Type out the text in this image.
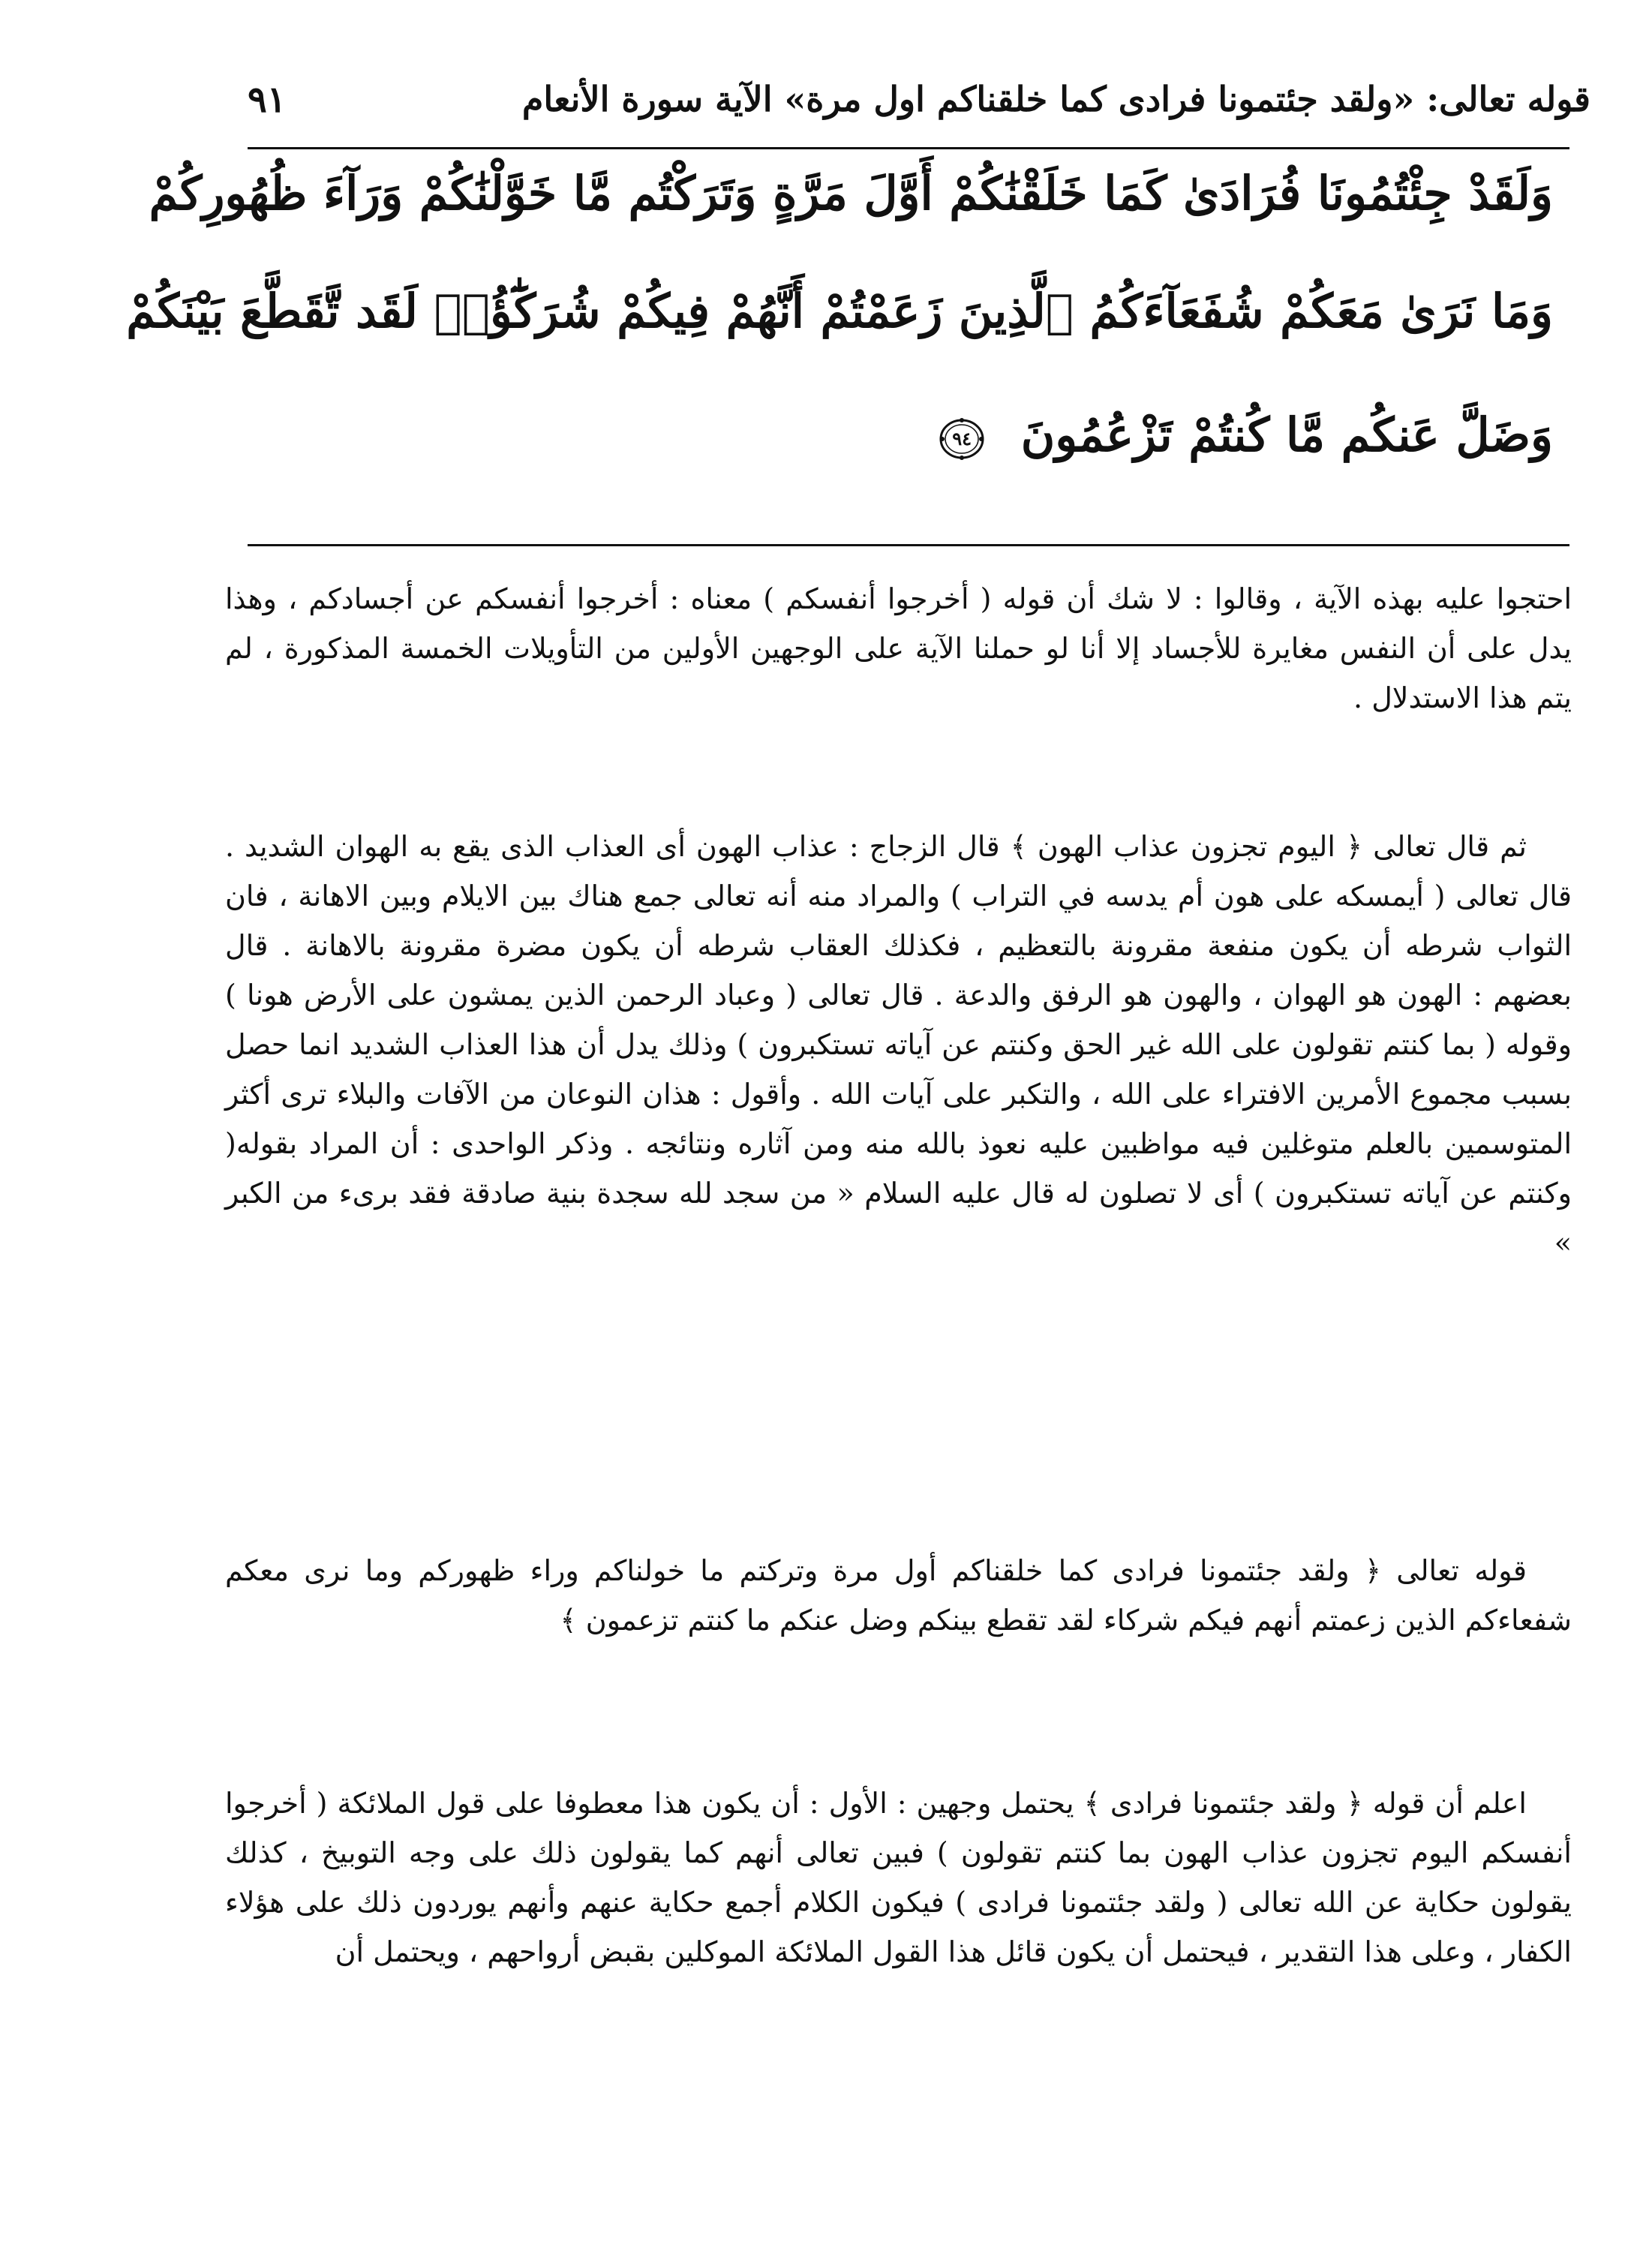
قوله تعالى: «ولقد جئتمونا فرادى كما خلقناكم اول مرة» الآية سورة الأنعام
٩١
وَلَقَدْ جِئْتُمُونَا فُرَادَىٰ كَمَا خَلَقْنَٰكُمْ أَوَّلَ مَرَّةٍ وَتَرَكْتُم مَّا خَوَّلْنَٰكُمْ وَرَآءَ ظُهُورِكُمْ
وَمَا نَرَىٰ مَعَكُمْ شُفَعَآءَكُمُ ٱلَّذِينَ زَعَمْتُمْ أَنَّهُمْ فِيكُمْ شُرَكَٰٓؤُا۟ لَقَد تَّقَطَّعَ بَيْنَكُمْ
وَضَلَّ عَنكُم مَّا كُنتُمْ تَزْعُمُونَ
٩٤
احتجوا عليه بهذه الآية ، وقالوا : لا شك أن قوله ( أخرجوا أنفسكم ) معناه : أخرجوا أنفسكم عن أجسادكم ، وهذا يدل على أن النفس مغايرة للأجساد إلا أنا لو حملنا الآية على الوجهين الأولين من التأويلات الخمسة المذكورة ، لم يتم هذا الاستدلال .
ثم قال تعالى ﴿ اليوم تجزون عذاب الهون ﴾ قال الزجاج : عذاب الهون أى العذاب الذى يقع به الهوان الشديد . قال تعالى ( أيمسكه على هون أم يدسه في التراب ) والمراد منه أنه تعالى جمع هناك بين الايلام وبين الاهانة ، فان الثواب شرطه أن يكون منفعة مقرونة بالتعظيم ، فكذلك العقاب شرطه أن يكون مضرة مقرونة بالاهانة . قال بعضهم : الهون هو الهوان ، والهون هو الرفق والدعة . قال تعالى ( وعباد الرحمن الذين يمشون على الأرض هونا ) وقوله ( بما كنتم تقولون على الله غير الحق وكنتم عن آياته تستكبرون ) وذلك يدل أن هذا العذاب الشديد انما حصل بسبب مجموع الأمرين الافتراء على الله ، والتكبر على آيات الله . وأقول : هذان النوعان من الآفات والبلاء ترى أكثر المتوسمين بالعلم متوغلين فيه مواظبين عليه نعوذ بالله منه ومن آثاره ونتائجه . وذكر الواحدى : أن المراد بقوله( وكنتم عن آياته تستكبرون ) أى لا تصلون له قال عليه السلام « من سجد لله سجدة بنية صادقة فقد برىء من الكبر »
قوله تعالى ﴿ ولقد جئتمونا فرادى كما خلقناكم أول مرة وتركتم ما خولناكم وراء ظهوركم وما نرى معكم شفعاءكم الذين زعمتم أنهم فيكم شركاء لقد تقطع بينكم وضل عنكم ما كنتم تزعمون ﴾
اعلم أن قوله ﴿ ولقد جئتمونا فرادى ﴾ يحتمل وجهين : الأول : أن يكون هذا معطوفا على قول الملائكة ( أخرجوا أنفسكم اليوم تجزون عذاب الهون بما كنتم تقولون ) فبين تعالى أنهم كما يقولون ذلك على وجه التوبيخ ، كذلك يقولون حكاية عن الله تعالى ( ولقد جئتمونا فرادى ) فيكون الكلام أجمع حكاية عنهم وأنهم يوردون ذلك على هؤلاء الكفار ، وعلى هذا التقدير ، فيحتمل أن يكون قائل هذا القول الملائكة الموكلين بقبض أرواحهم ، ويحتمل أن
